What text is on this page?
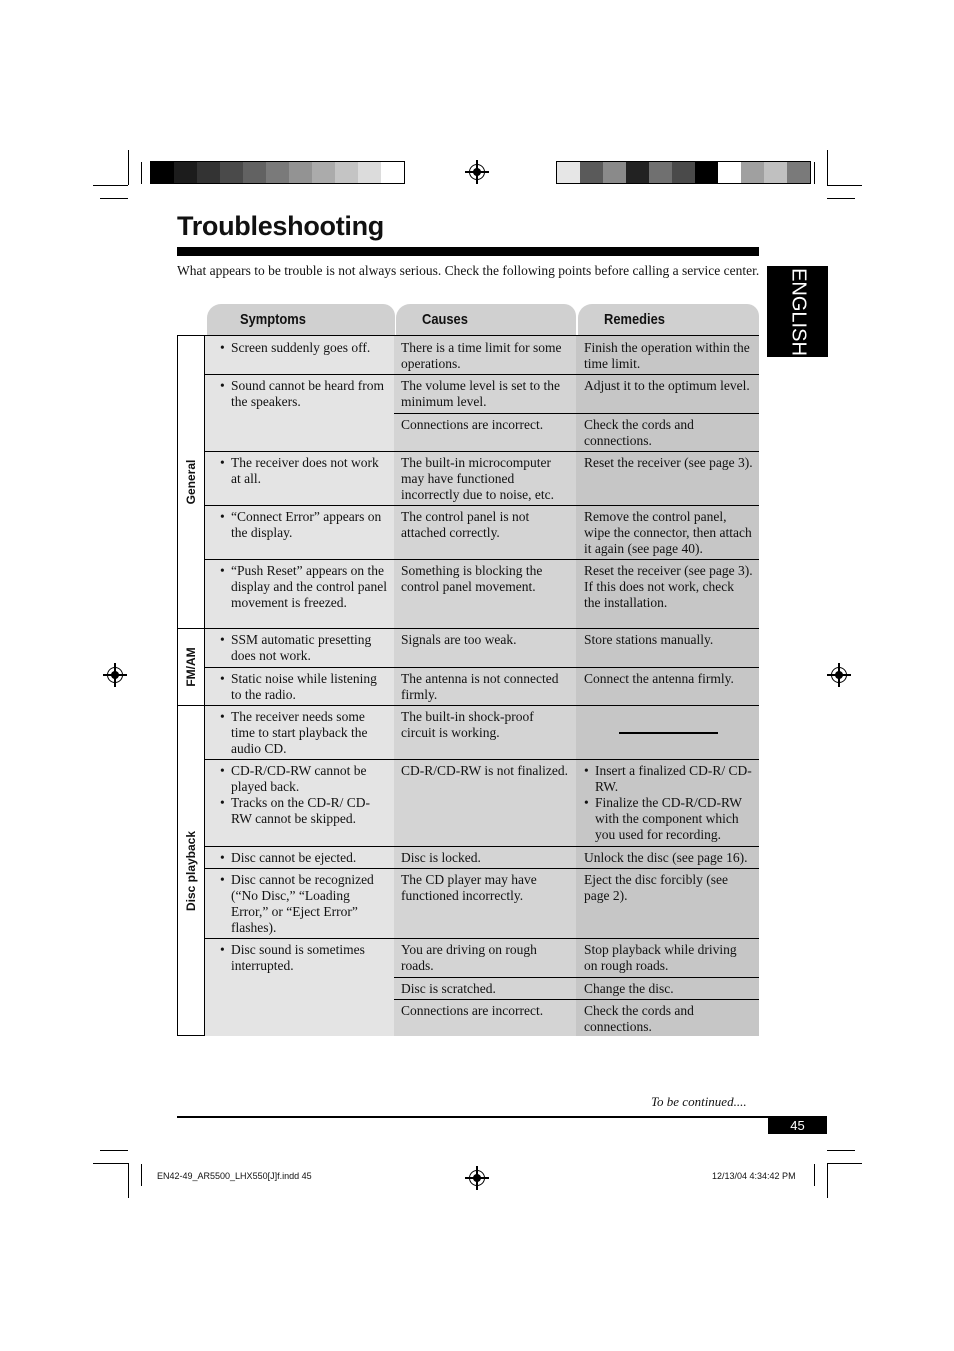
Troubleshooting

What appears to be trouble is not always serious. Check the following points before calling a service center.	ENGLISH
Symptoms	Causes	Remedies
• Screen suddenly goes off.	There is a time limit for some operations.
Finish the operation within the time limit.
• Sound cannot be heard from the speakers.
The volume level is set to the minimum level.
Adjust it to the optimum level.
Connections are incorrect.	Check the cords and connections.
• The receiver does not work at all.
The built-in microcomputer may have functioned incorrectly due to noise, etc.
Reset the receiver (see page 3).
• “Connect Error” appears on the display.
The control panel is not attached correctly.
Remove the control panel, wipe the connector, then attach it again (see page 40).
• “Push Reset” appears on the display and the control panel movement is freezed.
Something is blocking the control panel movement.
Reset the receiver (see page 3). If this does not work, check the installation.
• SSM automatic presetting does not work.
Signals are too weak.	Store stations manually.
• Static noise while listening to the radio.
The antenna is not connected firmly.
Connect the antenna firmly.
• The receiver needs some time to start playback the audio CD.
The built-in shock-proof circuit is working.
• CD-R/CD-RW cannot be played back.
• Tracks on the CD-R/ CD-RW cannot be skipped.
CD-R/CD-RW is not finalized.
•	Insert a finalized CD-R/ CD-RW.
• Finalize the CD-R/CD-RW with the component which you used for recording.
• Disc cannot be ejected.	Disc is locked.	Unlock the disc (see page 16).
• Disc cannot be recognized (“No Disc,” “Loading Error,” or “Eject Error” flashes).
The CD player may have functioned incorrectly.
Eject the disc forcibly (see page 2).
• Disc sound is sometimes interrupted.
You are driving on rough roads.
Stop playback while driving on rough roads.
Disc is scratched.	Change the disc.
Connections are incorrect.	Check the cords and connections.
General
FM/AM
Disc playback
To be continued....
45
EN42-49_AR5500_LHX550[J]f.indd 45	12/13/04 4:34:42 PM
